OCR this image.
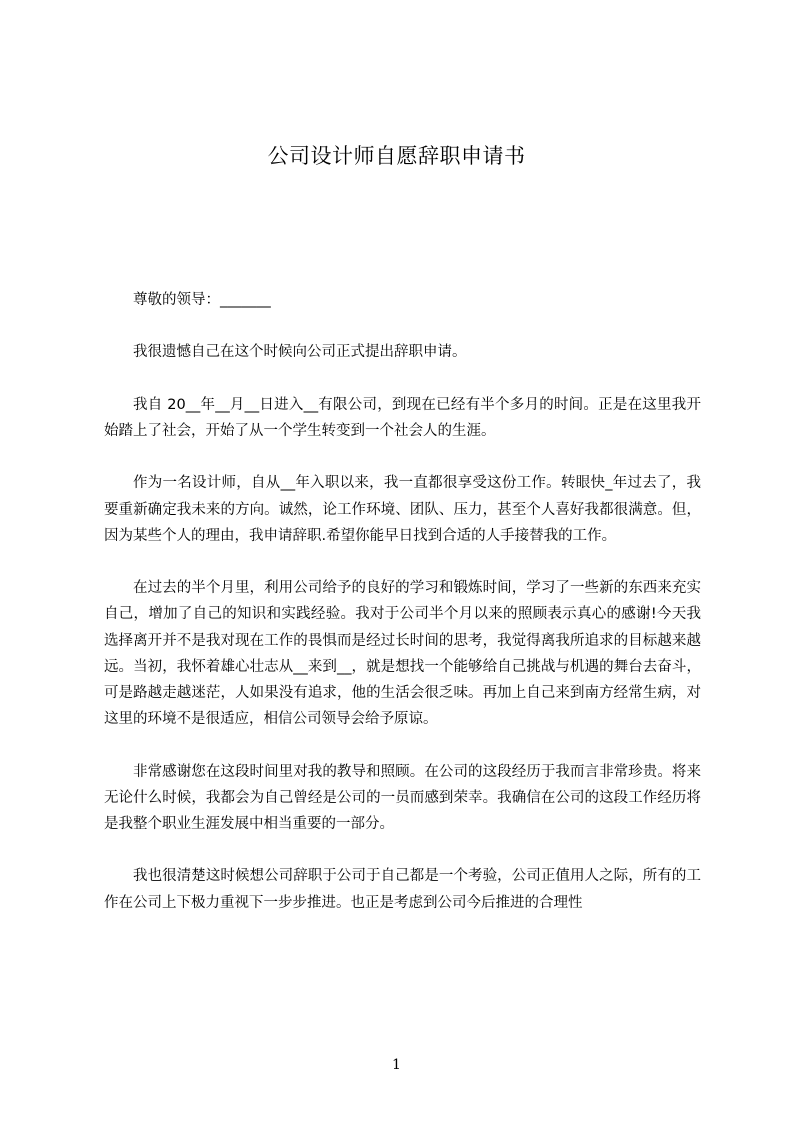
公司设计师自愿辞职申请书

尊敬的领导：_______

我很遗憾自己在这个时候向公司正式提出辞职申请。

我自 20__年__月__日进入__有限公司，到现在已经有半个多月的时间。正是在这里我开始踏上了社会，开始了从一个学生转变到一个社会人的生涯。

作为一名设计师，自从__年入职以来，我一直都很享受这份工作。转眼快_年过去了，我要重新确定我未来的方向。诚然，论工作环境、团队、压力，甚至个人喜好我都很满意。但，因为某些个人的理由，我申请辞职.希望你能早日找到合适的人手接替我的工作。

在过去的半个月里，利用公司给予的良好的学习和锻炼时间，学习了一些新的东西来充实自己，增加了自己的知识和实践经验。我对于公司半个月以来的照顾表示真心的感谢!今天我选择离开并不是我对现在工作的畏惧而是经过长时间的思考，我觉得离我所追求的目标越来越远。当初，我怀着雄心壮志从__来到__，就是想找一个能够给自己挑战与机遇的舞台去奋斗，可是路越走越迷茫，人如果没有追求，他的生活会很乏味。再加上自己来到南方经常生病，对这里的环境不是很适应，相信公司领导会给予原谅。

非常感谢您在这段时间里对我的教导和照顾。在公司的这段经历于我而言非常珍贵。将来无论什么时候，我都会为自己曾经是公司的一员而感到荣幸。我确信在公司的这段工作经历将是我整个职业生涯发展中相当重要的一部分。

我也很清楚这时候想公司辞职于公司于自己都是一个考验，公司正值用人之际，所有的工作在公司上下极力重视下一步步推进。也正是考虑到公司今后推进的合理性

1
